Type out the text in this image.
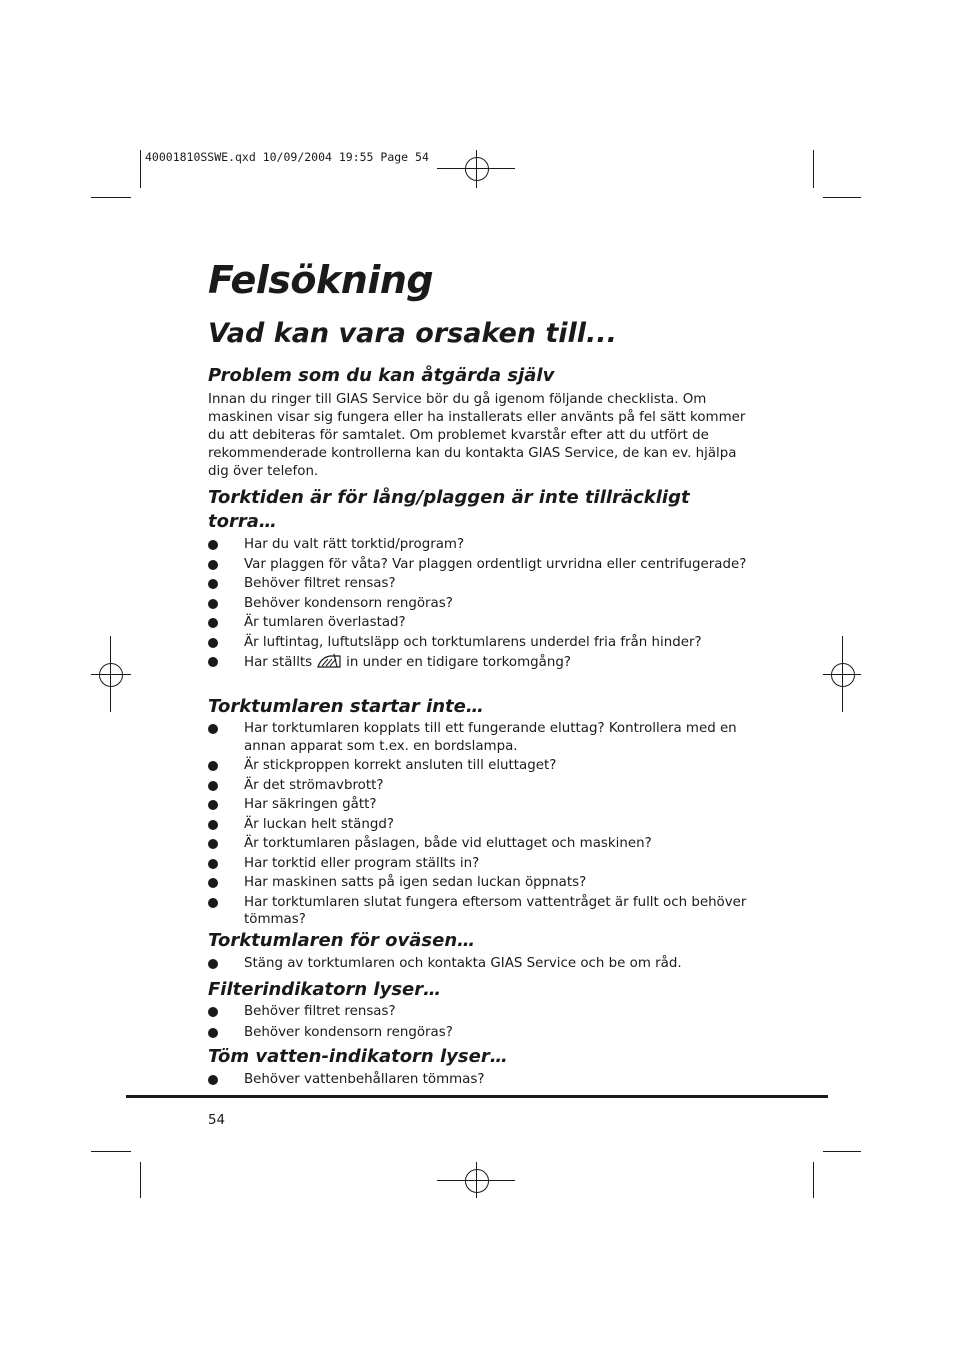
40001810SSWE.qxd 10/09/2004 19:55 Page 54
Felsökning
Vad kan vara orsaken till...
Problem som du kan åtgärda själv

Innan du ringer till GIAS Service bör du gå igenom följande checklista. Om maskinen visar sig fungera eller ha installerats eller använts på fel sätt kommer du att debiteras för samtalet. Om problemet kvarstår efter att du utfört de rekommenderade kontrollerna kan du kontakta GIAS Service, de kan ev. hjälpa dig över telefon.

Torktiden är för lång/plaggen är inte tillräckligt torra…
Har du valt rätt torktid/program?
Var plaggen för våta? Var plaggen ordentligt urvridna eller centrifugerade?
Behöver filtret rensas?
Behöver kondensorn rengöras?
Är tumlaren överlastad?
Är luftintag, luftutsläpp och torktumlarens underdel fria från hinder?
Har ställts	in under en tidigare torkomgång?
Torktumlaren startar inte…
Har torktumlaren kopplats till ett fungerande eluttag? Kontrollera med en annan apparat som t.ex. en bordslampa.
Är stickproppen korrekt ansluten till eluttaget?
Är det strömavbrott?
Har säkringen gått?
Är luckan helt stängd?
Är torktumlaren påslagen, både vid eluttaget och maskinen?
Har torktid eller program ställts in?
Har maskinen satts på igen sedan luckan öppnats?
Har torktumlaren slutat fungera eftersom vattentråget är fullt och behöver tömmas?
Torktumlaren för oväsen…
Stäng av torktumlaren och kontakta GIAS Service och be om råd.
Filterindikatorn lyser…
Behöver filtret rensas?
Behöver kondensorn rengöras?
Töm vatten-indikatorn lyser…
Behöver vattenbehållaren tömmas?
54
